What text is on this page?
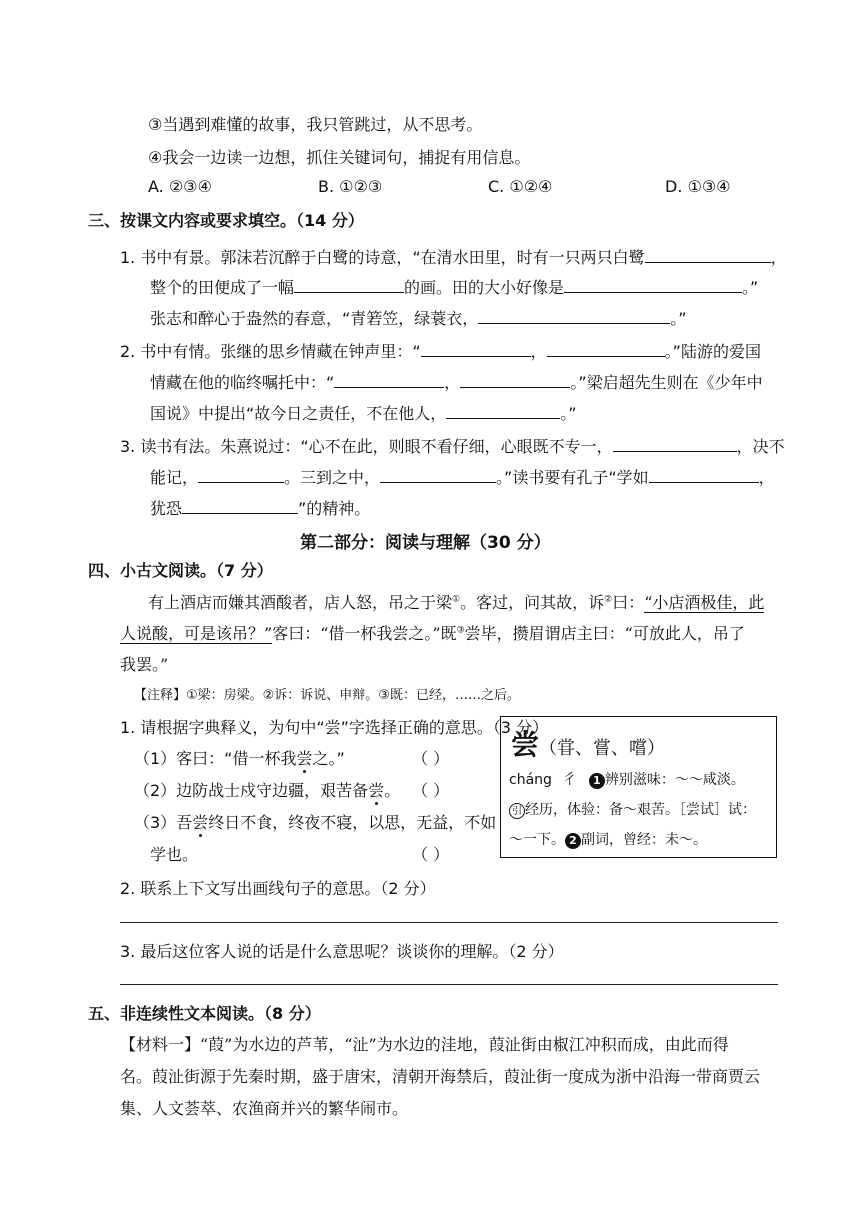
③当遇到难懂的故事，我只管跳过，从不思考。
④我会一边读一边想，抓住关键词句，捕捉有用信息。
A. ②③④	B. ①②③	C. ①②④	D. ①③④
三、按课文内容或要求填空。（14 分）
1. 书中有景。郭沫若沉醉于白鹭的诗意，“在清水田里，时有一只两只白鹭	，
整个的田便成了一幅	的画。田的大小好像是	。”
张志和醉心于盎然的春意，“青箬笠，绿蓑衣，	。”
2. 书中有情。张继的思乡情藏在钟声里：“	，	。”陆游的爱国
情藏在他的临终嘱托中：“	，	。”梁启超先生则在《少年中
国说》中提出“故今日之责任，不在他人，	。”
3. 读书有法。朱熹说过：“心不在此，则眼不看仔细，心眼既不专一，	，决不
能记，	。三到之中，	。”读书要有孔子“学如	，
犹恐	”的精神。
第二部分：阅读与理解（30 分）
四、小古文阅读。（7 分）
有上酒店而嫌其酒酸者，店人怒，吊之于梁①。客过，问其故，诉②曰：“小店酒极佳，此
人说酸，可是该吊？”客曰：“借一杯我尝之。”既③尝毕，攒眉谓店主曰：“可放此人，吊了
我罢。”
【注释】①梁：房梁。②诉：诉说、申辩。③既：已经，……之后。
1. 请根据字典释义，为句中“尝”字选择正确的意思。（3 分）
（1）客曰：“借一杯我尝之。”	（ ）
（2）边防战士戍守边疆，艰苦备尝。 （ ）
（3）吾尝终日不食，终夜不寝，以思，无益，不如
学也。	（ ）
尝（甞、嘗、嚐）
cháng 彳 1 辨别滋味：～～咸淡。
引 经历，体验：备～艰苦。［尝试］试：
～一下。 2 副词，曾经：未～。
2. 联系上下文写出画线句子的意思。（2 分）
3. 最后这位客人说的话是什么意思呢？谈谈你的理解。（2 分）
五、非连续性文本阅读。（8 分）
【材料一】“葭”为水边的芦苇，“沚”为水边的洼地，葭沚街由椒江冲积而成，由此而得
名。葭沚街源于先秦时期，盛于唐宋，清朝开海禁后，葭沚街一度成为浙中沿海一带商贾云
集、人文荟萃、农渔商并兴的繁华闹市。
